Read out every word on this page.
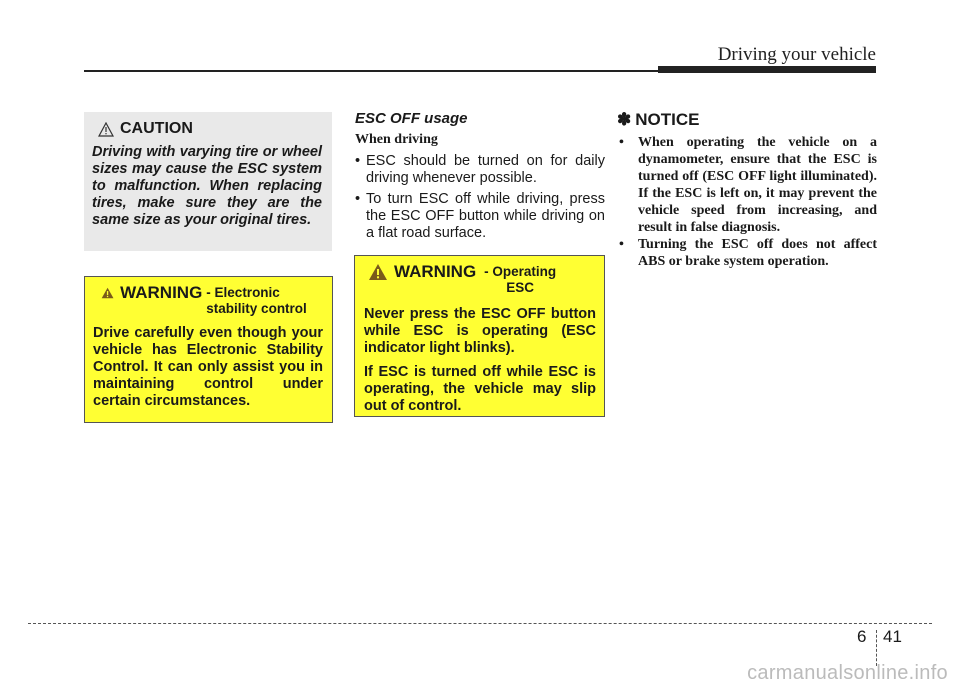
Driving your vehicle
CAUTION
Driving with varying tire or wheel sizes may cause the ESC system to malfunction. When replacing tires, make sure they are the same size as your original tires.
WARNING - Electronic stability control

Drive carefully even though your vehicle has Electronic Stability Control. It can only assist you in maintaining control under certain circumstances.

ESC OFF usage
When driving
• ESC should be turned on for daily driving whenever possible.
• To turn ESC off while driving, press the ESC OFF button while driving on a flat road surface.
WARNING - Operating ESC

Never press the ESC OFF button while ESC is operating (ESC indicator light blinks).

If ESC is turned off while ESC is operating, the vehicle may slip out of control.

✽ NOTICE
• When operating the vehicle on a dynamometer, ensure that the ESC is turned off (ESC OFF light illuminated). If the ESC is left on, it may prevent the vehicle speed from increasing, and result in false diagnosis.
• Turning the ESC off does not affect ABS or brake system operation.
6 41
carmanualsonline.info
